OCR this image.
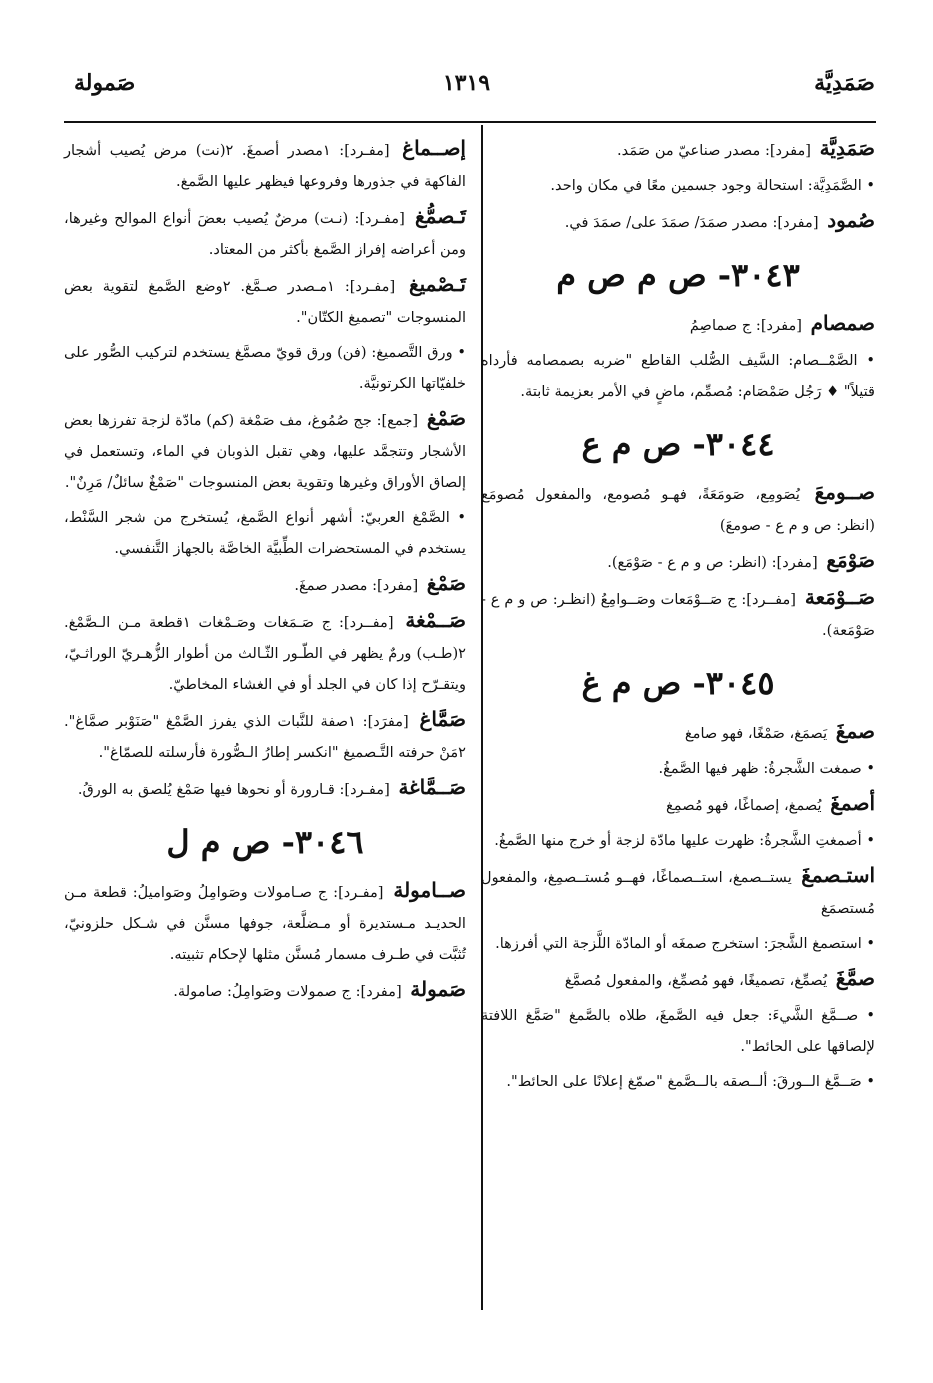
صَمَدِيَّة
١٣١٩
صَمولة
صَمَدِيَّة [مفرد]: مصدر صناعيّ من صَمَد.
• الصَّمَدِيَّة: استحالة وجود جسمين معًا في مكان واحد.
صُمود [مفرد]: مصدر صمَدَ/ صمَدَ على/ صمَدَ في.
٣٠٤٣- ص م ص م
صمصام [مفرد]: ج صماصِمُ
• الصَّمْــصام: السَّيف الصُّلب القاطع "ضربه بصمصامه فأرداه قتيلاً" ♦ رَجُل صَمْصَام: مُصمِّم، ماضٍ في الأمر بعزيمة ثابتة.
٣٠٤٤- ص م ع
صــومعَ يُصَومِع، صَومَعَةً، فهـو مُصومع، والمفعول مُصومَع (انظر: ص و م ع - صومعَ)
صَوْمَع [مفرد]: (انظر: ص و م ع - صَوْمَع).
صَــوْمَعة [مفــرد]: ج صَــوْمَعات وصَــوامِعُ (انظـر: ص و م ع - صَوْمَعة).
٣٠٤٥- ص م غ
صمغَ يَصمَغ، صَمْغًا، فهو صامغ
• صمغت الشَّجرةُ: ظهر فيها الصَّمغُ.
أصمغَ يُصمغ، إصماغًا، فهو مُصمِغ
• أصمغتِ الشَّجرةُ: ظهرت عليها مادّة لزجة أو خرج منها الصَّمغُ.
استـصمغَ يستــصمغ، استــصماغًا، فهــو مُستــصمِغ، والمفعول مُستصمَغ
• استصمغ الشَّجرَ: استخرج صمغَه أو المادّة اللَّزجة التي أفرزها.
صمَّغَ يُصمِّغ، تصميغًا، فهو مُصمِّغ، والمفعول مُصمَّغ
• صــمَّغ الشَّيءَ: جعل فيه الصَّمغَ، طلاه بالصَّمغ "صَمَّغ اللافتة لإلصاقها على الحائط".
• صَــمَّغ الــورقَ: ألــصقه بالــصَّمغ "صمّغ إعلانًا على الحائط".
إصــماغ [مفـرد]: ١مصدر أصمغَ. ٢(نت) مرض يُصيب أشجار الفاكهة في جذورها وفروعها فيظهر عليها الصَّمغ.
تَـصمُّغ [مفـرد]: (نـت) مرضٌ يُصيب بعضَ أنواع الموالح وغيرها، ومن أعراضه إفراز الصَّمغ بأكثر من المعتاد.
تَـصْميغ [مفـرد]: ١مـصدر صـمَّغ. ٢وضع الصَّمغ لتقوية بعض المنسوجات "تصميغ الكتّان".
• ورق التَّصميغ: (فن) ورق قويّ مصمَّغ يستخدم لتركيب الصُّور على خلفيّاتها الكرتونيَّة.
صَمْغ [جمع]: جج صُمُوغ، مف صَمْغة (كم) مادّة لزجة تفرزها بعض الأشجار وتتجمَّد عليها، وهي تقبل الذوبان في الماء، وتستعمل في إلصاق الأوراق وغيرها وتقوية بعض المنسوجات "صَمْغٌ سائلٌ/ مَرِنٌ".
• الصَّمْغ العربيّ: أشهر أنواع الصَّمغ، يُستخرج من شجر السَّنْط، يستخدم في المستحضرات الطِّبيَّة الخاصَّة بالجهاز التَّنفسي.
صَمْغ [مفرد]: مصدر صمغَ.
صَــمْغة [مفــرد]: ج صَـمَغات وصَـمْغات ١قطعة مـن الـصَّمْغ. ٢(طـب) ورمٌ يظهر في الطّـور الثّـالث من أطوار الزُّهـريّ الوراثـيّ، ويتقـرّح إذا كان في الجلد أو في الغشاء المخاطيّ.
صَمَّاغ [مفرَد]: ١صفة للنَّبات الذي يفرز الصَّمْغ "صَنَوْبر صمَّاغ". ٢مَنْ حرفته التَّـصميغ "انكسر إطارُ الـصُّورة فأرسلته للصمّاغ".
صَــمَّاغة [مفـرد]: قـارورة أو نحوها فيها صَمْغ يُلصق به الورقُ.
٣٠٤٦- ص م ل
صــامولة [مفـرد]: ج صـامولات وصَوامِلُ وصَواميلُ: قطعة مـن الحديـد مـستديرة أو مـضلَّعة، جوفها مسنَّن في شـكل حلزونيّ، تُثبَّت في طـرف مسمار مُسنَّن مثلها لإحكام تثبيته.
صَمولة [مفرد]: ج صمولات وصَوامِلُ: صامولة.
